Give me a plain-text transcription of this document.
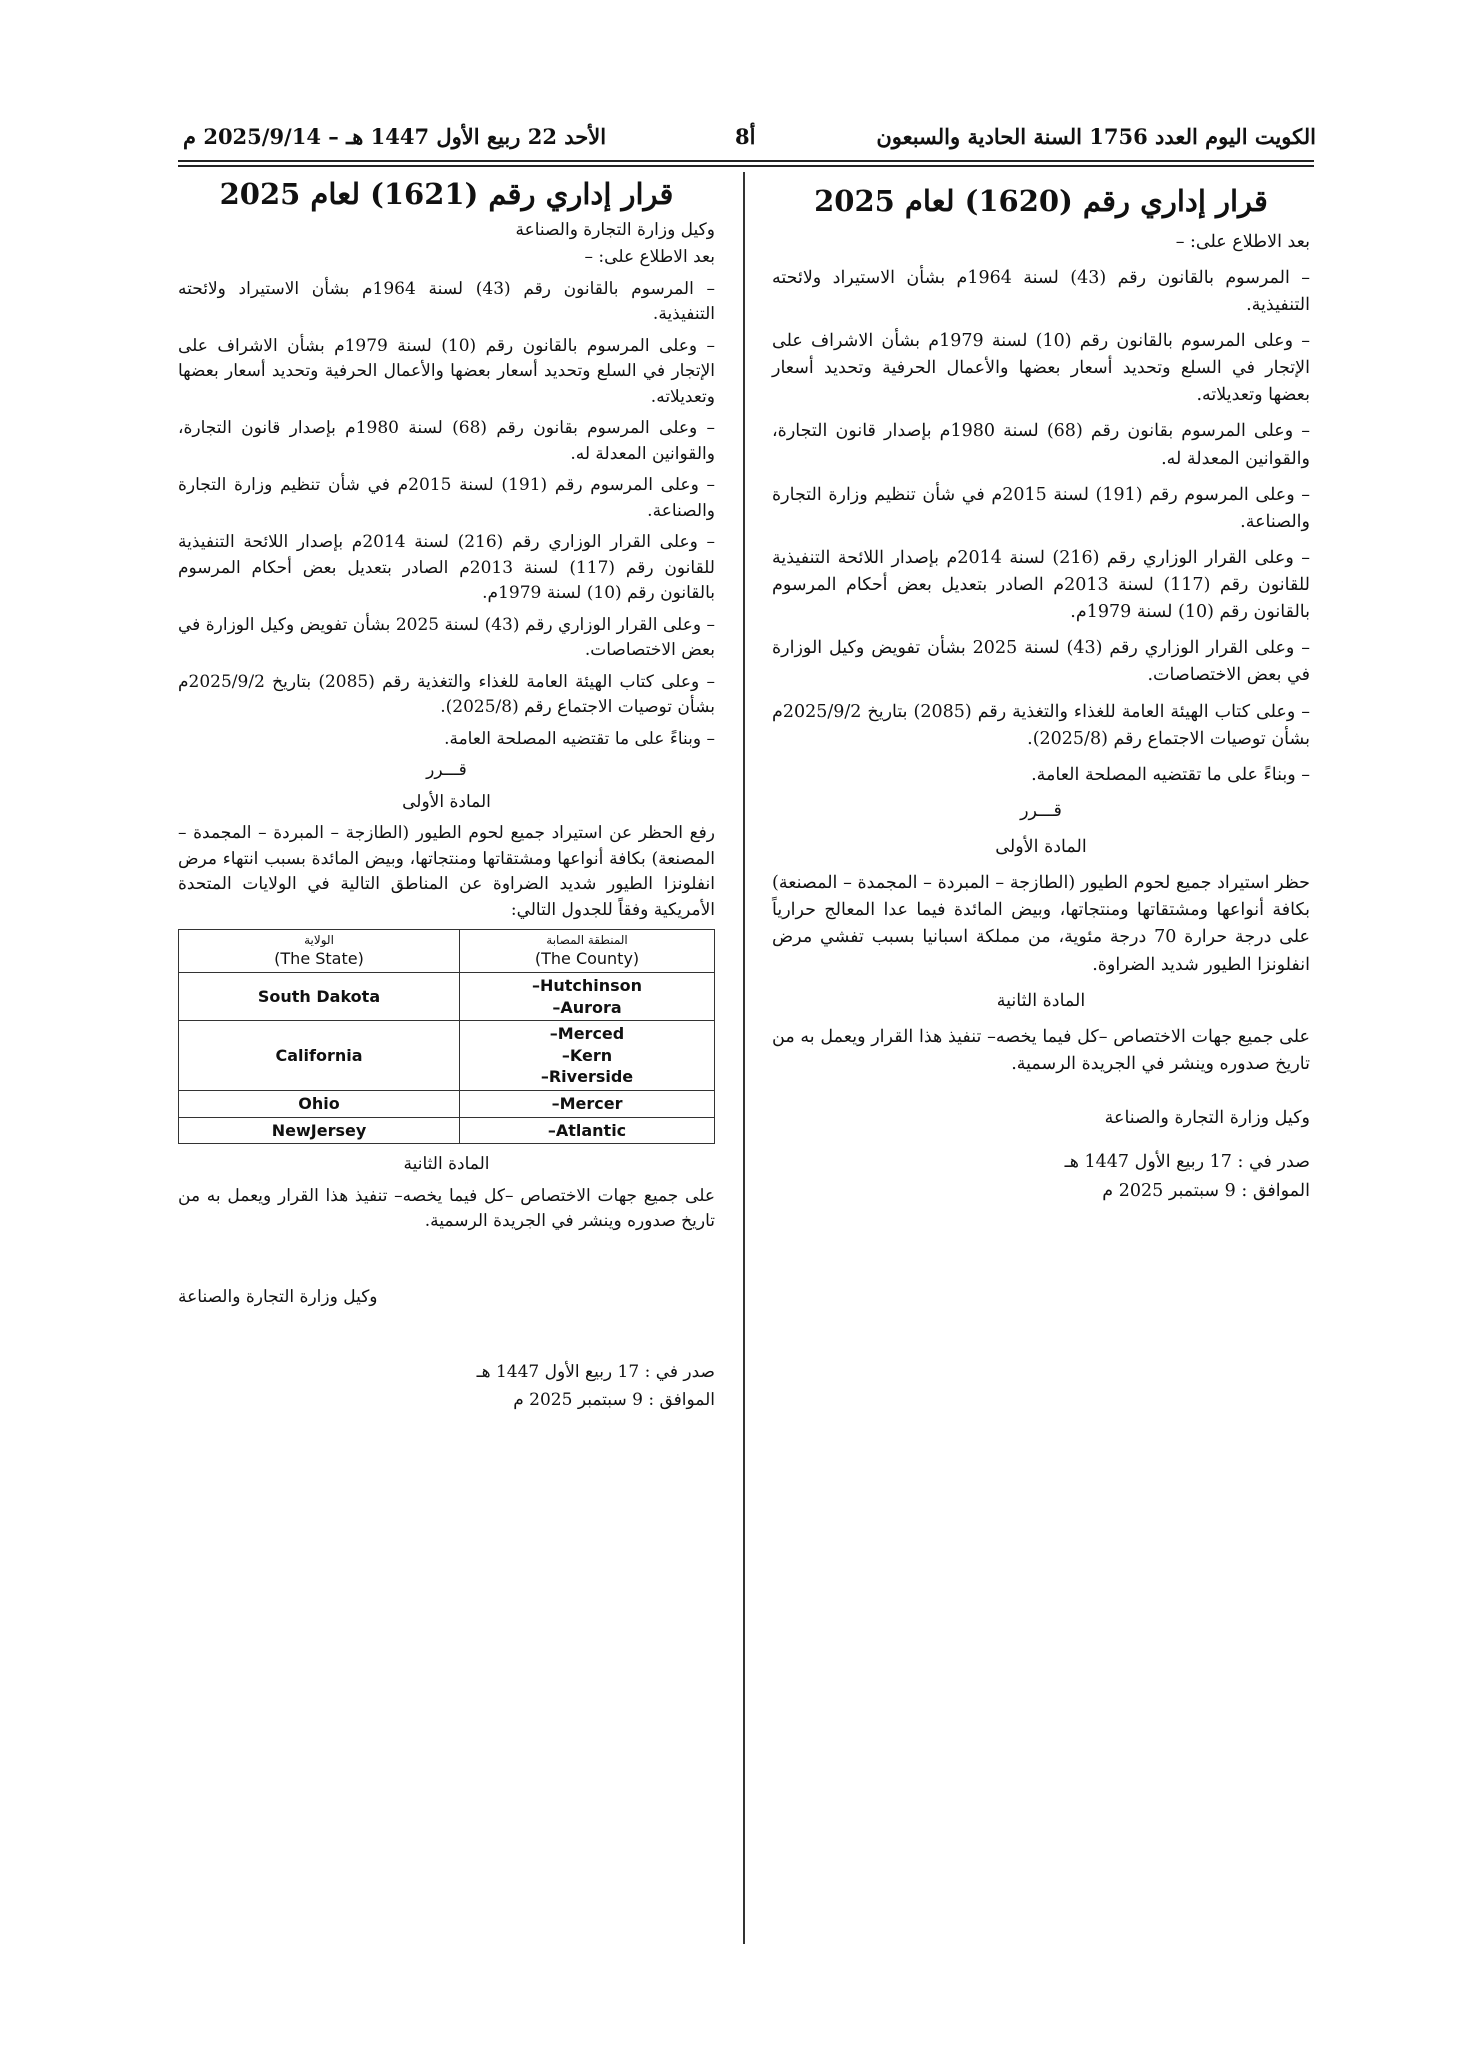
الكويت اليوم العدد 1756 السنة الحادية والسبعون
أ8
الأحد 22 ربيع الأول 1447 هـ – 2025/9/14 م
قرار إداري رقم (1620) لعام 2025

بعد الاطلاع على: –

– المرسوم بالقانون رقم (43) لسنة 1964م بشأن الاستيراد ولائحته التنفيذية.

– وعلى المرسوم بالقانون رقم (10) لسنة 1979م بشأن الاشراف على الإتجار في السلع وتحديد أسعار بعضها والأعمال الحرفية وتحديد أسعار بعضها وتعديلاته.

– وعلى المرسوم بقانون رقم (68) لسنة 1980م بإصدار قانون التجارة، والقوانين المعدلة له.

– وعلى المرسوم رقم (191) لسنة 2015م في شأن تنظيم وزارة التجارة والصناعة.

– وعلى القرار الوزاري رقم (216) لسنة 2014م بإصدار اللائحة التنفيذية للقانون رقم (117) لسنة 2013م الصادر بتعديل بعض أحكام المرسوم بالقانون رقم (10) لسنة 1979م.

– وعلى القرار الوزاري رقم (43) لسنة 2025 بشأن تفويض وكيل الوزارة في بعض الاختصاصات.

– وعلى كتاب الهيئة العامة للغذاء والتغذية رقم (2085) بتاريخ 2025/9/2م بشأن توصيات الاجتماع رقم (2025/8).

– وبناءً على ما تقتضيه المصلحة العامة.

قـــرر

المادة الأولى

حظر استيراد جميع لحوم الطيور (الطازجة – المبردة – المجمدة – المصنعة) بكافة أنواعها ومشتقاتها ومنتجاتها، وبيض المائدة فيما عدا المعالج حرارياً على درجة حرارة 70 درجة مئوية، من مملكة اسبانيا بسبب تفشي مرض انفلونزا الطيور شديد الضراوة.

المادة الثانية

على جميع جهات الاختصاص –كل فيما يخصه– تنفيذ هذا القرار ويعمل به من تاريخ صدوره وينشر في الجريدة الرسمية.

وكيل وزارة التجارة والصناعة

صدر في : 17 ربيع الأول 1447 هـ

الموافق : 9 سبتمبر 2025 م

قرار إداري رقم (1621) لعام 2025

وكيل وزارة التجارة والصناعة

بعد الاطلاع على: –

– المرسوم بالقانون رقم (43) لسنة 1964م بشأن الاستيراد ولائحته التنفيذية.

– وعلى المرسوم بالقانون رقم (10) لسنة 1979م بشأن الاشراف على الإتجار في السلع وتحديد أسعار بعضها والأعمال الحرفية وتحديد أسعار بعضها وتعديلاته.

– وعلى المرسوم بقانون رقم (68) لسنة 1980م بإصدار قانون التجارة، والقوانين المعدلة له.

– وعلى المرسوم رقم (191) لسنة 2015م في شأن تنظيم وزارة التجارة والصناعة.

– وعلى القرار الوزاري رقم (216) لسنة 2014م بإصدار اللائحة التنفيذية للقانون رقم (117) لسنة 2013م الصادر بتعديل بعض أحكام المرسوم بالقانون رقم (10) لسنة 1979م.

– وعلى القرار الوزاري رقم (43) لسنة 2025 بشأن تفويض وكيل الوزارة في بعض الاختصاصات.

– وعلى كتاب الهيئة العامة للغذاء والتغذية رقم (2085) بتاريخ 2025/9/2م بشأن توصيات الاجتماع رقم (2025/8).

– وبناءً على ما تقتضيه المصلحة العامة.

قـــرر

المادة الأولى

رفع الحظر عن استيراد جميع لحوم الطيور (الطازجة – المبردة – المجمدة – المصنعة) بكافة أنواعها ومشتقاتها ومنتجاتها، وبيض المائدة بسبب انتهاء مرض انفلونزا الطيور شديد الضراوة عن المناطق التالية في الولايات المتحدة الأمريكية وفقاً للجدول التالي:

المنطقة المصابة
(The County)	الولاية
(The State)

Hutchinson–
Aurora–	South Dakota

Merced–
Kern–
Riverside–	California
Mercer–	Ohio
Atlantic–	NewJersey

المادة الثانية

على جميع جهات الاختصاص –كل فيما يخصه– تنفيذ هذا القرار ويعمل به من تاريخ صدوره وينشر في الجريدة الرسمية.

وكيل وزارة التجارة والصناعة

صدر في : 17 ربيع الأول 1447 هـ

الموافق : 9 سبتمبر 2025 م
